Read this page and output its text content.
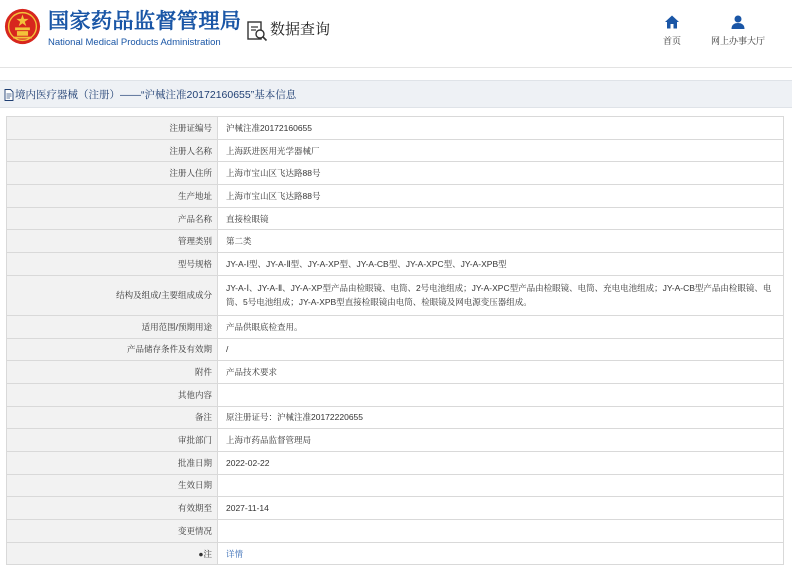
国家药品监督管理局
National Medical Products Administration
数据查询
首页	网上办事大厅
境内医疗器械（注册）——“沪械注准20172160655”基本信息
注册证编号	沪械注准20172160655
注册人名称	上海跃进医用光学器械厂
注册人住所	上海市宝山区飞达路88号
生产地址	上海市宝山区飞达路88号
产品名称	直接检眼镜
管理类别	第二类
型号规格	JY-A-Ⅰ型、JY-A-Ⅱ型、JY-A-XP型、JY-A-CB型、JY-A-XPC型、JY-A-XPB型
结构及组成/主要组成成分	JY-A-Ⅰ、JY-A-Ⅱ、JY-A-XP型产品由检眼镜、电筒、2号电池组成；JY-A-XPC型产品由检眼镜、电筒、充电电池组成；JY-A-CB型产品由检眼镜、电筒、5号电池组成；JY-A-XPB型直接检眼镜由电筒、检眼镜及网电源变压器组成。
适用范围/预期用途	产品供眼底检查用。
产品储存条件及有效期	/
附件	产品技术要求
其他内容	
备注	原注册证号：沪械注准20172220655
审批部门	上海市药品监督管理局
批准日期	2022-02-22
生效日期	
有效期至	2027-11-14
变更情况	
●注	详情
